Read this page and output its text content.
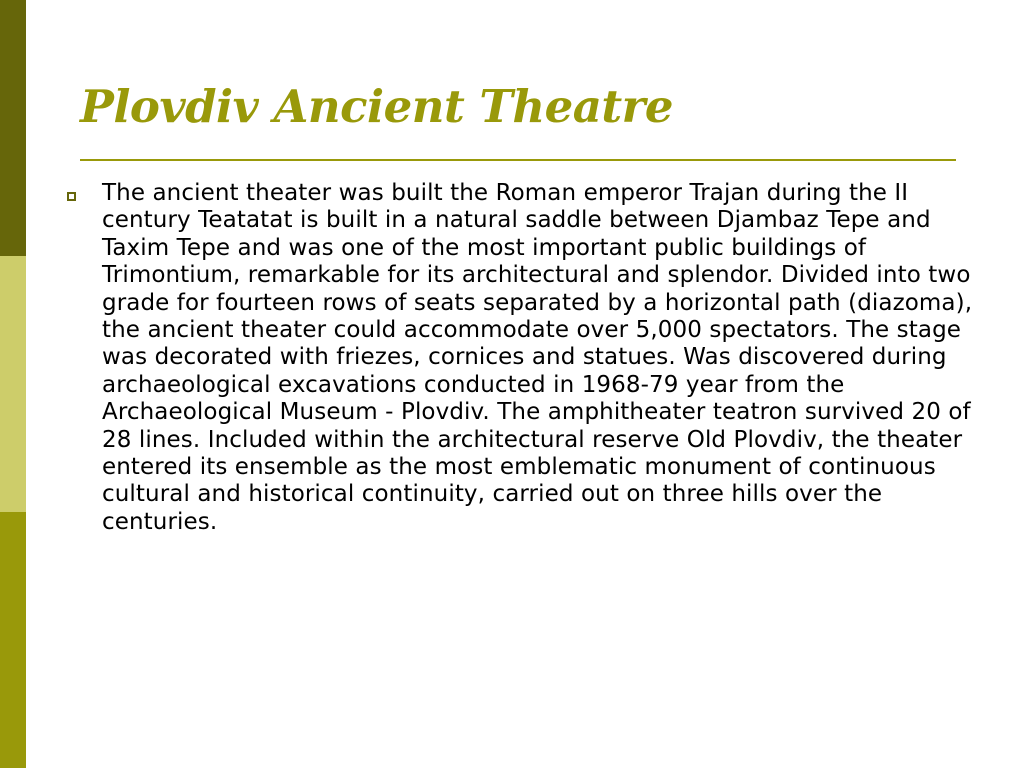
Plovdiv Ancient Theatre

The ancient theater was built the Roman emperor Trajan during the II century Teatatat is built in a natural saddle between Djambaz Tepe and Taxim Tepe and was one of the most important public buildings of Trimontium, remarkable for its architectural and splendor. Divided into two grade for fourteen rows of seats separated by a horizontal path (diazoma), the ancient theater could accommodate over 5,000 spectators. The stage was decorated with friezes, cornices and statues. Was discovered during archaeological excavations conducted in 1968-79 year from the Archaeological Museum - Plovdiv. The amphitheater teatron survived 20 of 28 lines. Included within the architectural reserve Old Plovdiv, the theater entered its ensemble as the most emblematic monument of continuous cultural and historical continuity, carried out on three hills over the centuries.
